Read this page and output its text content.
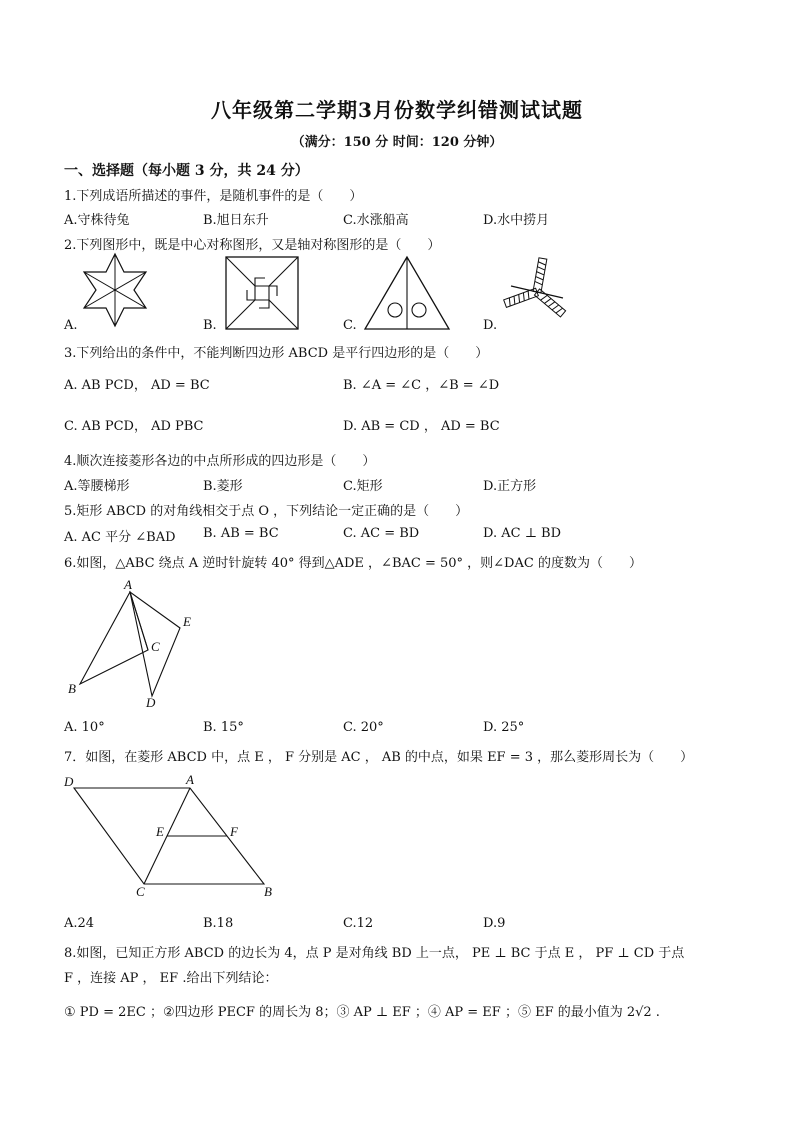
八年级第二学期3月份数学纠错测试试题
（满分：150 分 时间：120 分钟）
一、选择题（每小题 3 分，共 24 分）
1.下列成语所描述的事件，是随机事件的是（　　）
A.守株待兔	B.旭日东升	C.水涨船高	D.水中捞月
2.下列图形中，既是中心对称图形，又是轴对称图形的是（　　）
A.	B.	C.	D.
3.下列给出的条件中，不能判断四边形 ABCD 是平行四边形的是（　　）
A. AB PCD， AD = BC	B. ∠A = ∠C ，∠B = ∠D
C. AB PCD， AD PBC	D. AB = CD ， AD = BC
4.顺次连接菱形各边的中点所形成的四边形是（　　）
A.等腰梯形	B.菱形	C.矩形	D.正方形
5.矩形 ABCD 的对角线相交于点 O ，下列结论一定正确的是（　　）
A. AC 平分 ∠BAD B. AB = BC	C. AC = BD	D. AC ⊥ BD
6.如图，△ABC 绕点 A 逆时针旋转 40° 得到△ADE ，∠BAC = 50° ，则∠DAC 的度数为（　　）
A
E
C
B
D
A. 10°	B. 15°	C. 20°	D. 25°
7．如图，在菱形 ABCD 中，点 E ， F 分别是 AC ， AB 的中点，如果 EF = 3 ，那么菱形周长为（　　）
D	A
E	F
C	B
A.24	B.18	C.12	D.9
8.如图，已知正方形 ABCD 的边长为 4，点 P 是对角线 BD 上一点， PE ⊥ BC 于点 E ， PF ⊥ CD 于点
F ，连接 AP ， EF .给出下列结论：
① PD = 2EC ；②四边形 PECF 的周长为 8；③ AP ⊥ EF ；④ AP = EF ；⑤ EF 的最小值为 2√2 .
